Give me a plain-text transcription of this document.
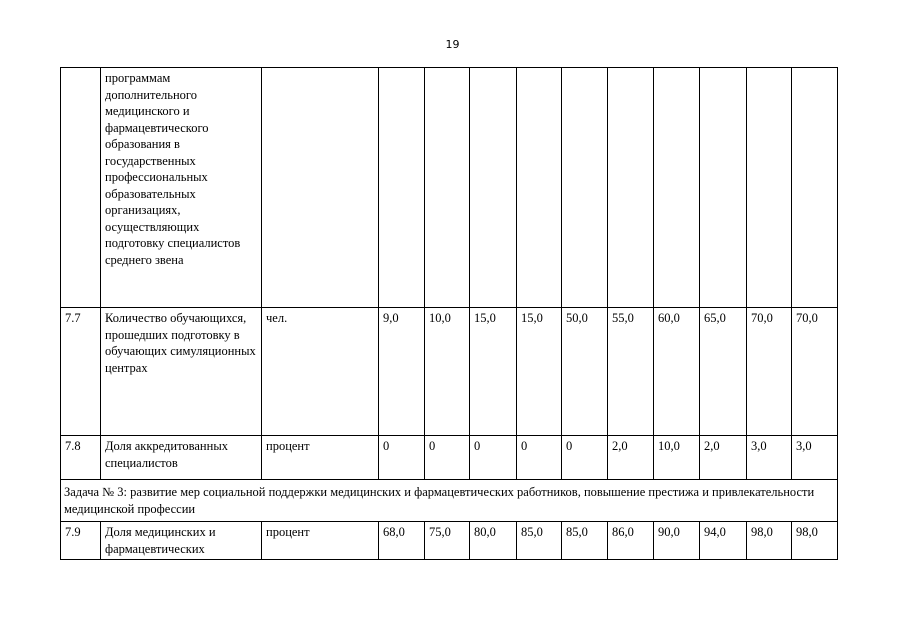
19
	программам дополнительного медицинского и фармацевтического образования в государственных профессиональных образовательных организациях, осуществляющих подготовку специалистов среднего звена											
7.7	Количество обучающихся, прошедших подготовку в обучающих симуляционных центрах	чел.	9,0	10,0	15,0	15,0	50,0	55,0	60,0	65,0	70,0	70,0
7.8	Доля аккредитованных специалистов	процент	0	0	0	0	0	2,0	10,0	2,0	3,0	3,0
Задача № 3: развитие мер социальной поддержки медицинских и фармацевтических работников, повышение престижа и привлекательности медицинской профессии												
7.9	Доля медицинских и фармацевтических	процент	68,0	75,0	80,0	85,0	85,0	86,0	90,0	94,0	98,0	98,0
